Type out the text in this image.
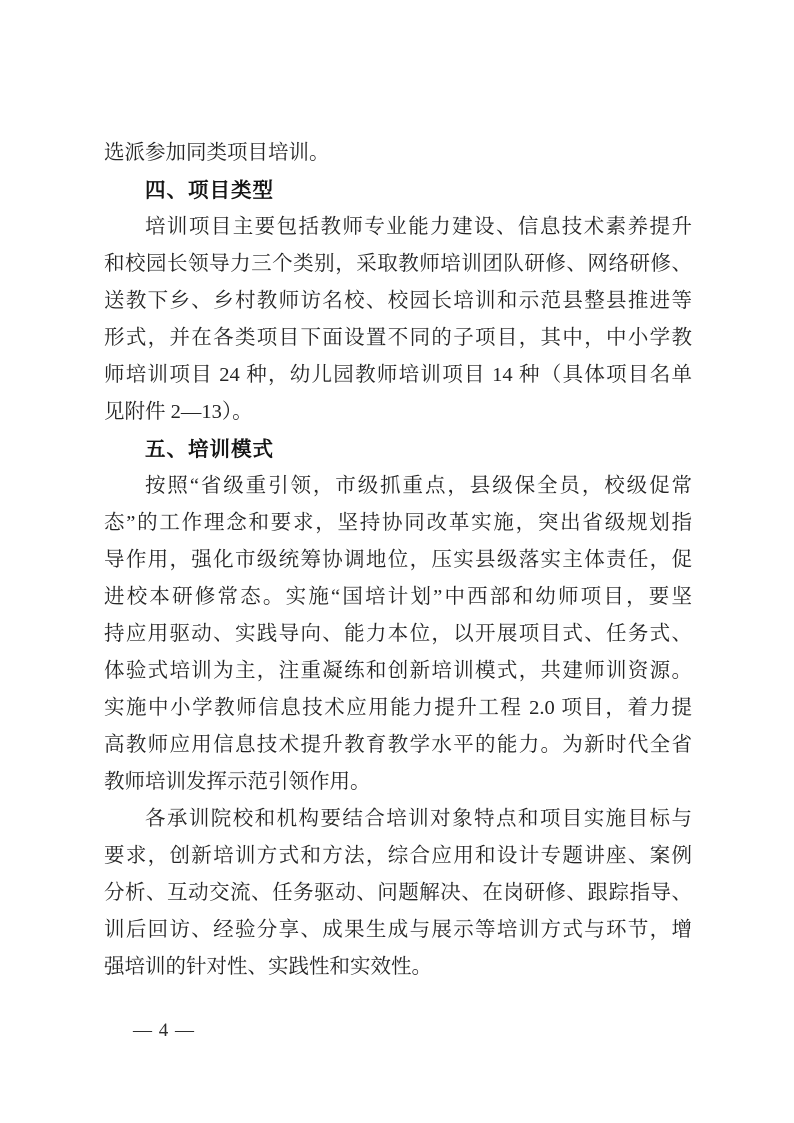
选派参加同类项目培训。
四、项目类型
培训项目主要包括教师专业能力建设、信息技术素养提升
和校园长领导力三个类别，采取教师培训团队研修、网络研修、
送教下乡、乡村教师访名校、校园长培训和示范县整县推进等
形式，并在各类项目下面设置不同的子项目，其中，中小学教
师培训项目 24 种，幼儿园教师培训项目 14 种（具体项目名单
见附件 2—13）。
五、培训模式
按照“省级重引领，市级抓重点，县级保全员，校级促常
态”的工作理念和要求，坚持协同改革实施，突出省级规划指
导作用，强化市级统筹协调地位，压实县级落实主体责任，促
进校本研修常态。实施“国培计划”中西部和幼师项目，要坚
持应用驱动、实践导向、能力本位，以开展项目式、任务式、
体验式培训为主，注重凝练和创新培训模式，共建师训资源。
实施中小学教师信息技术应用能力提升工程 2.0 项目，着力提
高教师应用信息技术提升教育教学水平的能力。为新时代全省
教师培训发挥示范引领作用。
各承训院校和机构要结合培训对象特点和项目实施目标与
要求，创新培训方式和方法，综合应用和设计专题讲座、案例
分析、互动交流、任务驱动、问题解决、在岗研修、跟踪指导、
训后回访、经验分享、成果生成与展示等培训方式与环节，增
强培训的针对性、实践性和实效性。
— 4 —
